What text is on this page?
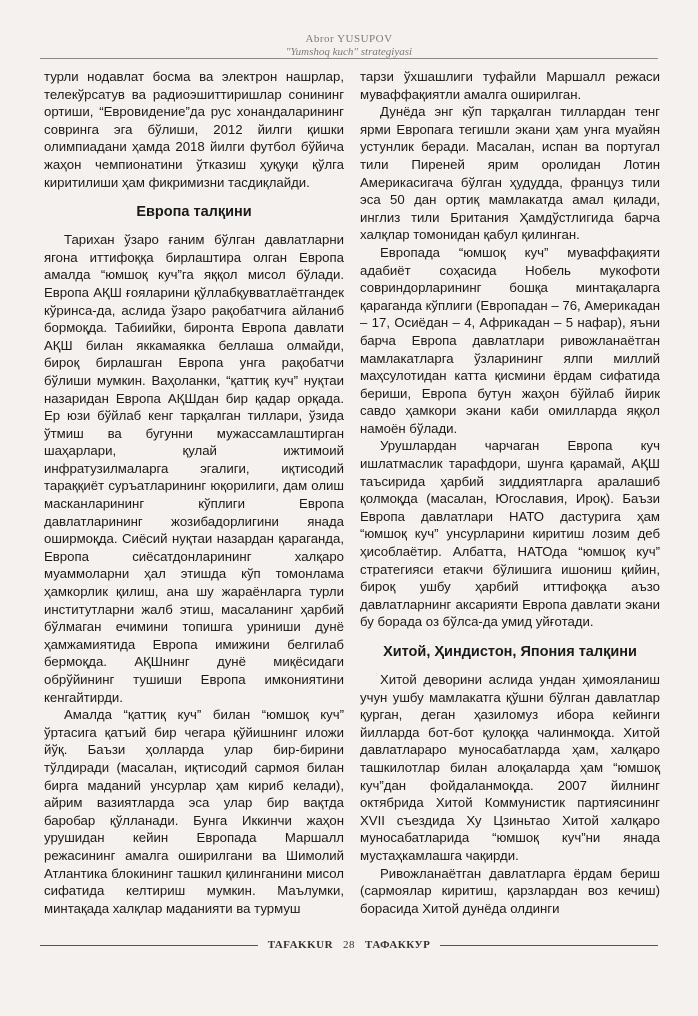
Abror YUSUPOV
"Yumshoq kuch" strategiyasi

турли нодавлат босма ва электрон нашрлар, телекўрсатув ва радиоэшиттиришлар сонининг ортиши, “Евровидение”да рус хонандаларининг совринга эга бўлиши, 2012 йилги қишки олимпиадани ҳамда 2018 йилги футбол бўйича жаҳон чемпионатини ўтказиш ҳуқуқи қўлга киритилиши ҳам фикримизни тасдиқлайди.

Европа талқини

Тарихан ўзаро ғаним бўлган давлатларни ягона иттифоққа бирлаштира олган Европа амалда “юмшоқ куч”га яққол мисол бўлади. Европа АҚШ ғояларини қўллабқувватлаётгандек кўринса-да, аслида ўзаро рақобатчига айланиб бормоқда. Табиийки, биронта Европа давлати АҚШ билан яккамаякка беллаша олмайди, бироқ бирлашган Европа унга рақобатчи бўлиши мумкин. Ваҳоланки, “қаттиқ куч” нуқтаи назаридан Европа АҚШдан бир қадар орқада. Ер юзи бўйлаб кенг тарқалган тиллари, ўзида ўтмиш ва бугунни мужассамлаштирган шаҳарлари, қулай ижтимоий инфратузилмаларга эгалиги, иқтисодий тараққиёт суръатларининг юқорилиги, дам олиш масканларининг кўплиги Европа давлатларининг жозибадорлигини янада оширмоқда. Сиёсий нуқтаи назардан қараганда, Европа сиёсатдонларининг халқаро муаммоларни ҳал этишда кўп томонлама ҳамкорлик қилиш, ана шу жараёнларга турли институтларни жалб этиш, масаланинг ҳарбий бўлмаган ечимини топишга уриниши дунё ҳамжамиятида Европа имижини белгилаб бермоқда. АҚШнинг дунё миқёсидаги обрўйининг тушиши Европа имкониятини кенгайтирди.

Амалда “қаттиқ куч” билан “юмшоқ куч” ўртасига қатъий бир чегара қўйишнинг иложи йўқ. Баъзи ҳолларда улар бир-бирини тўлдиради (масалан, иқтисодий сармоя билан бирга маданий унсурлар ҳам кириб келади), айрим вазиятларда эса улар бир вақтда баробар қўлланади. Бунга Иккинчи жаҳон урушидан кейин Европада Маршалл режасининг амалга оширилгани ва Шимолий Атлантика блокининг ташкил қилинганини мисол сифатида келтириш мумкин. Маълумки, минтақада халқлар маданияти ва турмуш

тарзи ўхшашлиги туфайли Маршалл режаси муваффақиятли амалга оширилган.

Дунёда энг кўп тарқалган тиллардан тенг ярми Европага тегишли экани ҳам унга муайян устунлик беради. Масалан, испан ва португал тили Пиреней ярим оролидан Лотин Америкасигача бўлган ҳудудда, француз тили эса 50 дан ортиқ мамлакатда амал қилади, инглиз тили Британия Ҳамдўстлигида барча халқлар томонидан қабул қилинган.

Европада “юмшоқ куч” муваффақияти адабиёт соҳасида Нобель мукофоти совриндорларининг бошқа минтақаларга қараганда кўплиги (Европадан – 76, Америкадан – 17, Осиёдан – 4, Африкадан – 5 нафар), яъни барча Европа давлатлари ривожланаётган мамлакатларга ўзларининг ялпи миллий маҳсулотидан катта қисмини ёрдам сифатида бериши, Европа бутун жаҳон бўйлаб йирик савдо ҳамкори экани каби омилларда яққол намоён бўлади.

Урушлардан чарчаган Европа куч ишлатмаслик тарафдори, шунга қарамай, АҚШ таъсирида ҳарбий зиддиятларга аралашиб қолмоқда (масалан, Югославия, Ироқ). Баъзи Европа давлатлари НАТО дастурига ҳам “юмшоқ куч” унсурларини киритиш лозим деб ҳисоблаётир. Албатта, НАТОда “юмшоқ куч” стратегияси етакчи бўлишига ишониш қийин, бироқ ушбу ҳарбий иттифоққа аъзо давлатларнинг аксарияти Европа давлати экани бу борада оз бўлса-да умид уйғотади.

Хитой, Ҳиндистон, Япония талқини

Хитой деворини аслида ундан ҳимояланиш учун ушбу мамлакатга қўшни бўлган давлатлар қурган, деган ҳазиломуз ибора кейинги йилларда бот-бот қулоққа чалинмоқда. Хитой давлатлараро муносабатларда ҳам, халқаро ташкилотлар билан алоқаларда ҳам “юмшоқ куч”дан фойдаланмоқда. 2007 йилнинг октябрида Хитой Коммунистик партиясининг XVII съездида Ху Цзиньтао Хитой халқаро муносабатларида “юмшоқ куч”ни янада мустаҳкамлашга чақирди.

Ривожланаётган давлатларга ёрдам бериш (сармоялар киритиш, қарзлардан воз кечиш) борасида Хитой дунёда олдинги

TAFAKKUR 28 ТАФАККУР
